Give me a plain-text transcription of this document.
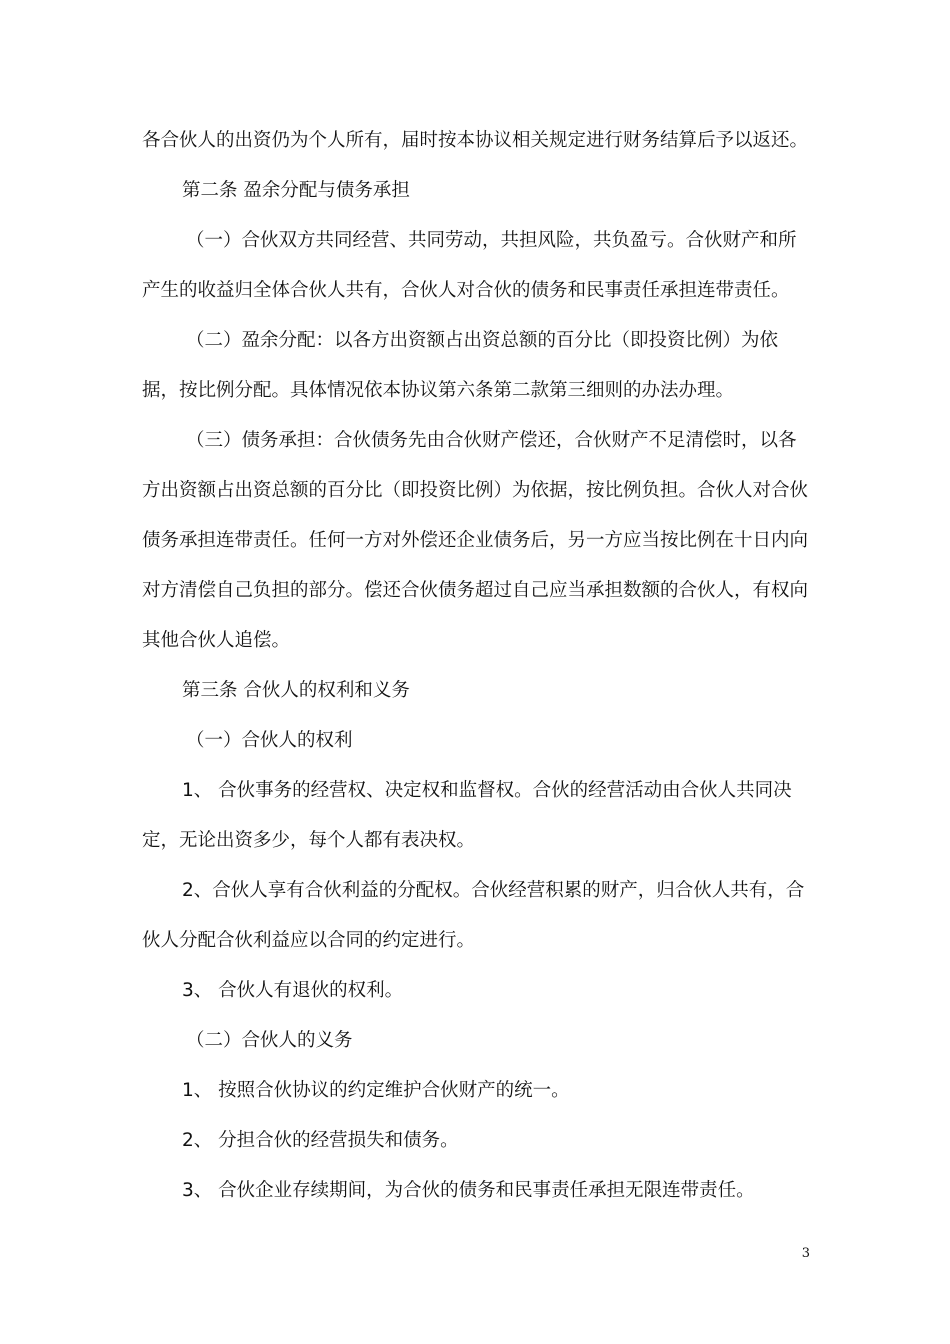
各合伙人的出资仍为个人所有，届时按本协议相关规定进行财务结算后予以返还。

第二条 盈余分配与债务承担

（一）合伙双方共同经营、共同劳动，共担风险，共负盈亏。合伙财产和所产生的收益归全体合伙人共有，合伙人对合伙的债务和民事责任承担连带责任。

（二）盈余分配：以各方出资额占出资总额的百分比（即投资比例）为依据，按比例分配。具体情况依本协议第六条第二款第三细则的办法办理。

（三）债务承担：合伙债务先由合伙财产偿还，合伙财产不足清偿时，以各方出资额占出资总额的百分比（即投资比例）为依据，按比例负担。合伙人对合伙债务承担连带责任。任何一方对外偿还企业债务后，另一方应当按比例在十日内向对方清偿自己负担的部分。偿还合伙债务超过自己应当承担数额的合伙人，有权向其他合伙人追偿。

第三条 合伙人的权利和义务

（一）合伙人的权利

1、 合伙事务的经营权、决定权和监督权。合伙的经营活动由合伙人共同决定，无论出资多少，每个人都有表决权。

2、合伙人享有合伙利益的分配权。合伙经营积累的财产，归合伙人共有，合伙人分配合伙利益应以合同的约定进行。

3、 合伙人有退伙的权利。

（二）合伙人的义务

1、 按照合伙协议的约定维护合伙财产的统一。

2、 分担合伙的经营损失和债务。

3、 合伙企业存续期间，为合伙的债务和民事责任承担无限连带责任。

3
